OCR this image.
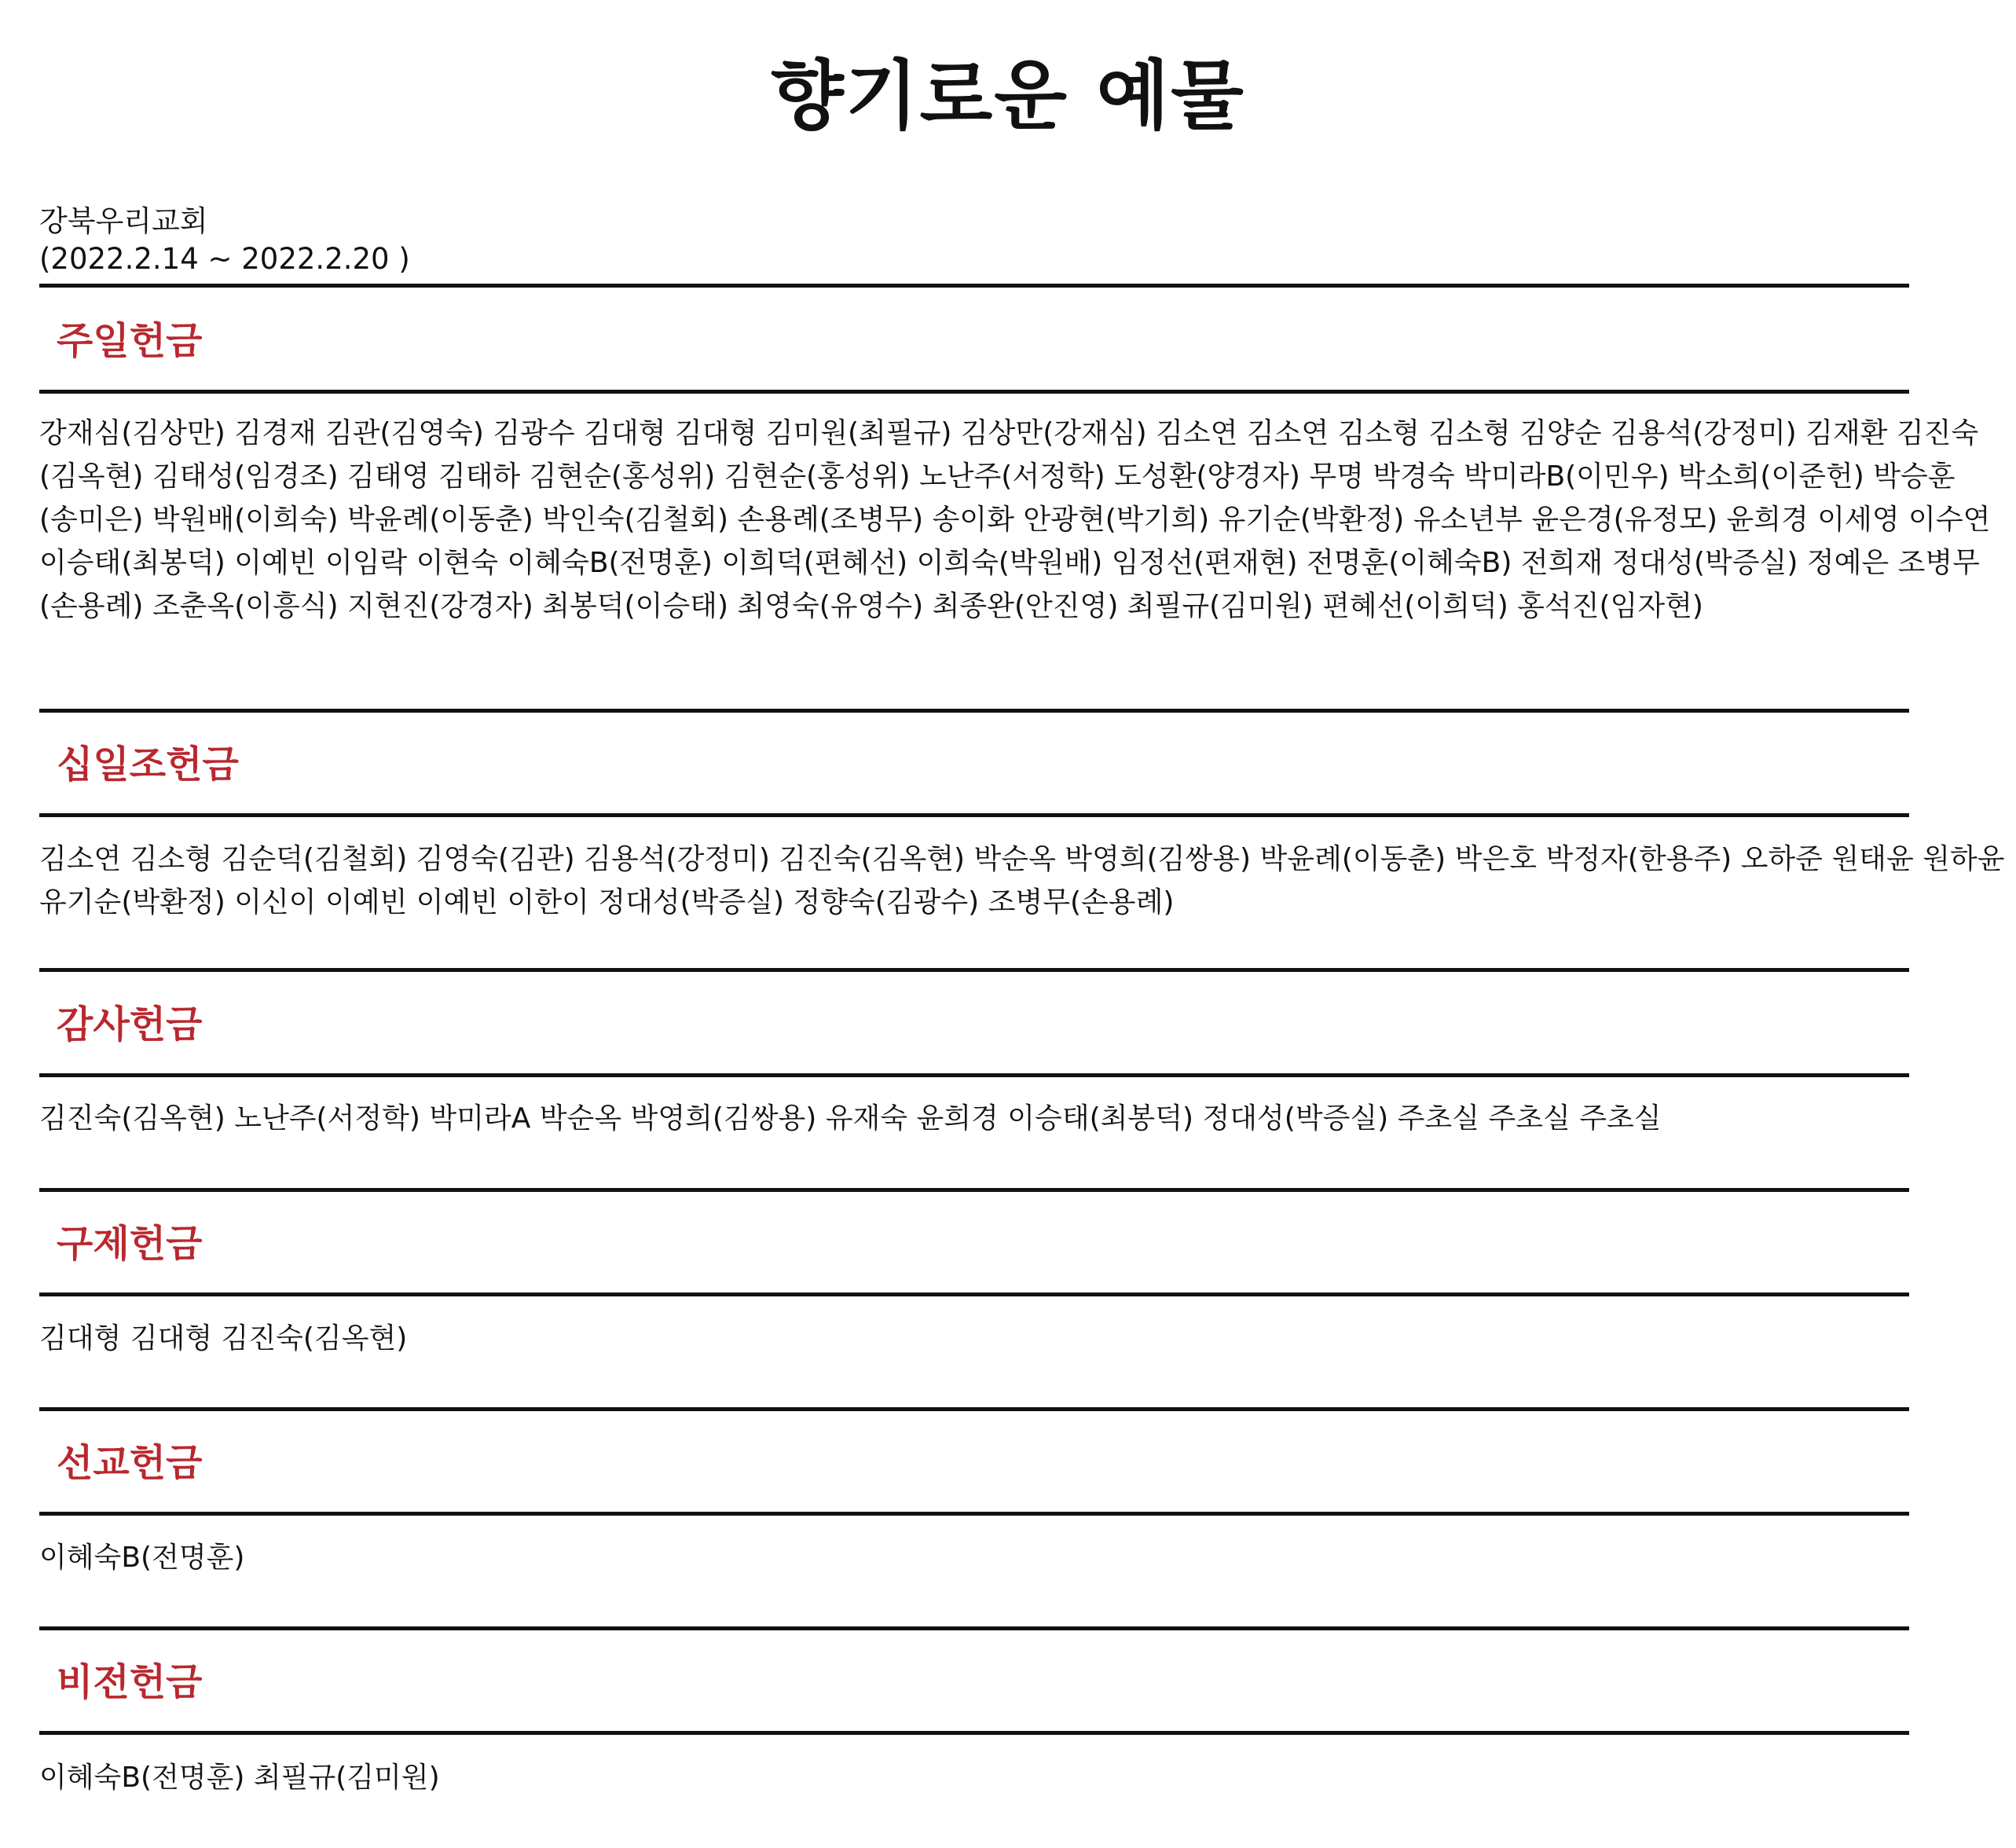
향기로운 예물
강북우리교회
(2022.2.14 ~ 2022.2.20 )
주일헌금
강재심(김상만) 김경재 김관(김영숙) 김광수 김대형 김대형 김미원(최필규) 김상만(강재심) 김소연 김소연 김소형 김소형 김양순 김용석(강정미) 김재환 김진숙(김옥현) 김태성(임경조) 김태영 김태하 김현순(홍성위) 김현순(홍성위) 노난주(서정학) 도성환(양경자) 무명 박경숙 박미라B(이민우) 박소희(이준헌) 박승훈(송미은) 박원배(이희숙) 박윤례(이동춘) 박인숙(김철회) 손용례(조병무) 송이화 안광현(박기희) 유기순(박환정) 유소년부 윤은경(유정모) 윤희경 이세영 이수연 이승태(최봉덕) 이예빈 이임락 이현숙 이혜숙B(전명훈) 이희덕(편혜선) 이희숙(박원배) 임정선(편재현) 전명훈(이혜숙B) 전희재 정대성(박증실) 정예은 조병무(손용례) 조춘옥(이흥식) 지현진(강경자) 최봉덕(이승태) 최영숙(유영수) 최종완(안진영) 최필규(김미원) 편혜선(이희덕) 홍석진(임자현)
십일조헌금
김소연 김소형 김순덕(김철회) 김영숙(김관) 김용석(강정미) 김진숙(김옥현) 박순옥 박영희(김쌍용) 박윤례(이동춘) 박은호 박정자(한용주) 오하준 원태윤 원하윤 유기순(박환정) 이신이 이예빈 이예빈 이한이 정대성(박증실) 정향숙(김광수) 조병무(손용례)
감사헌금
김진숙(김옥현) 노난주(서정학) 박미라A 박순옥 박영희(김쌍용) 유재숙 윤희경 이승태(최봉덕) 정대성(박증실) 주초실 주초실 주초실
구제헌금
김대형 김대형 김진숙(김옥현)
선교헌금
이혜숙B(전명훈)
비전헌금
이혜숙B(전명훈) 최필규(김미원)
